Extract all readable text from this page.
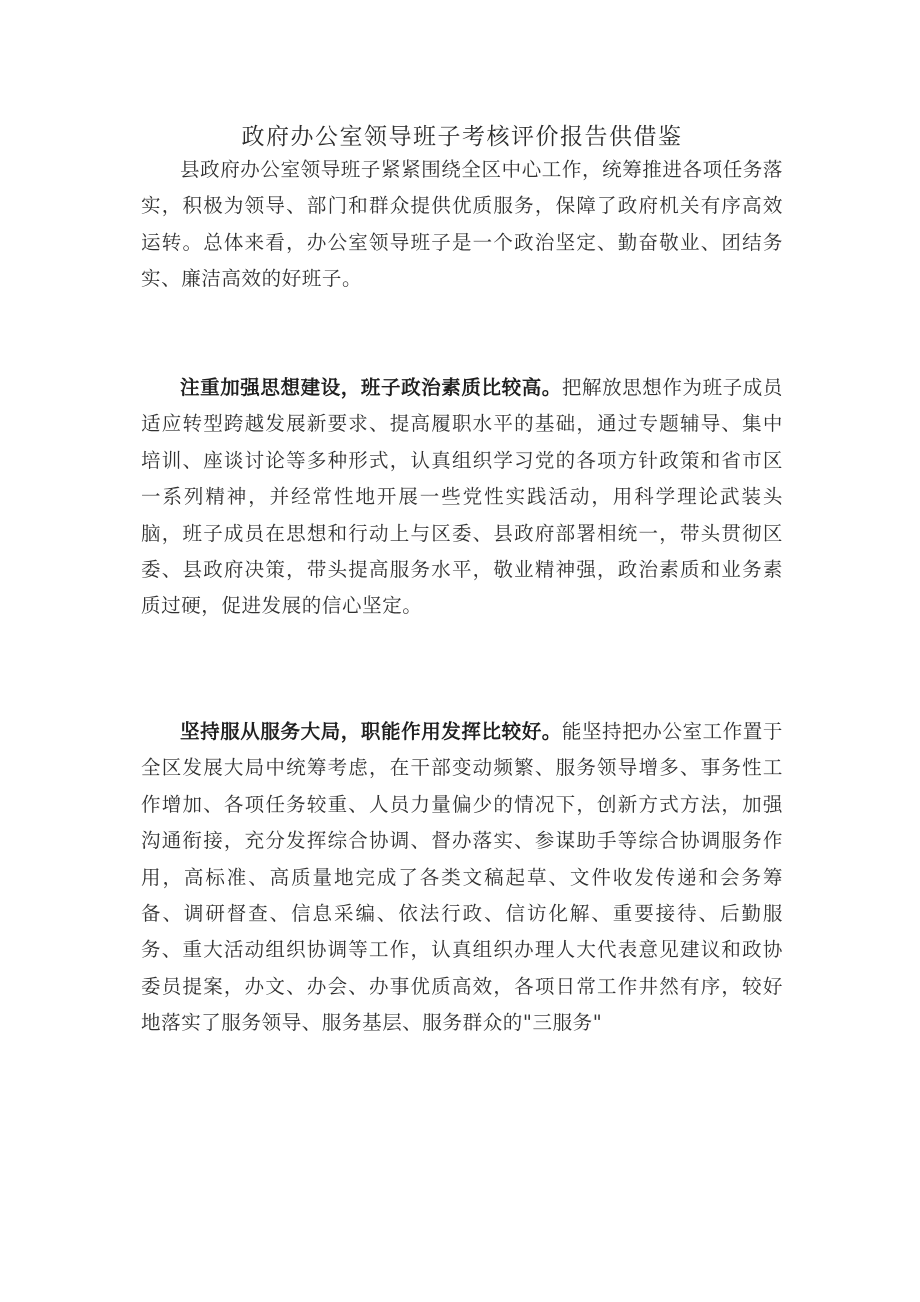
政府办公室领导班子考核评价报告供借鉴

县政府办公室领导班子紧紧围绕全区中心工作，统筹推进各项任务落实，积极为领导、部门和群众提供优质服务，保障了政府机关有序高效运转。总体来看，办公室领导班子是一个政治坚定、勤奋敬业、团结务实、廉洁高效的好班子。

注重加强思想建设，班子政治素质比较高。把解放思想作为班子成员适应转型跨越发展新要求、提高履职水平的基础，通过专题辅导、集中培训、座谈讨论等多种形式，认真组织学习党的各项方针政策和省市区一系列精神，并经常性地开展一些党性实践活动，用科学理论武装头脑，班子成员在思想和行动上与区委、县政府部署相统一，带头贯彻区委、县政府决策，带头提高服务水平，敬业精神强，政治素质和业务素质过硬，促进发展的信心坚定。

坚持服从服务大局，职能作用发挥比较好。能坚持把办公室工作置于全区发展大局中统筹考虑，在干部变动频繁、服务领导增多、事务性工作增加、各项任务较重、人员力量偏少的情况下，创新方式方法，加强沟通衔接，充分发挥综合协调、督办落实、参谋助手等综合协调服务作用，高标准、高质量地完成了各类文稿起草、文件收发传递和会务筹备、调研督查、信息采编、依法行政、信访化解、重要接待、后勤服务、重大活动组织协调等工作，认真组织办理人大代表意见建议和政协委员提案，办文、办会、办事优质高效，各项日常工作井然有序，较好地落实了服务领导、服务基层、服务群众的"三服务"
